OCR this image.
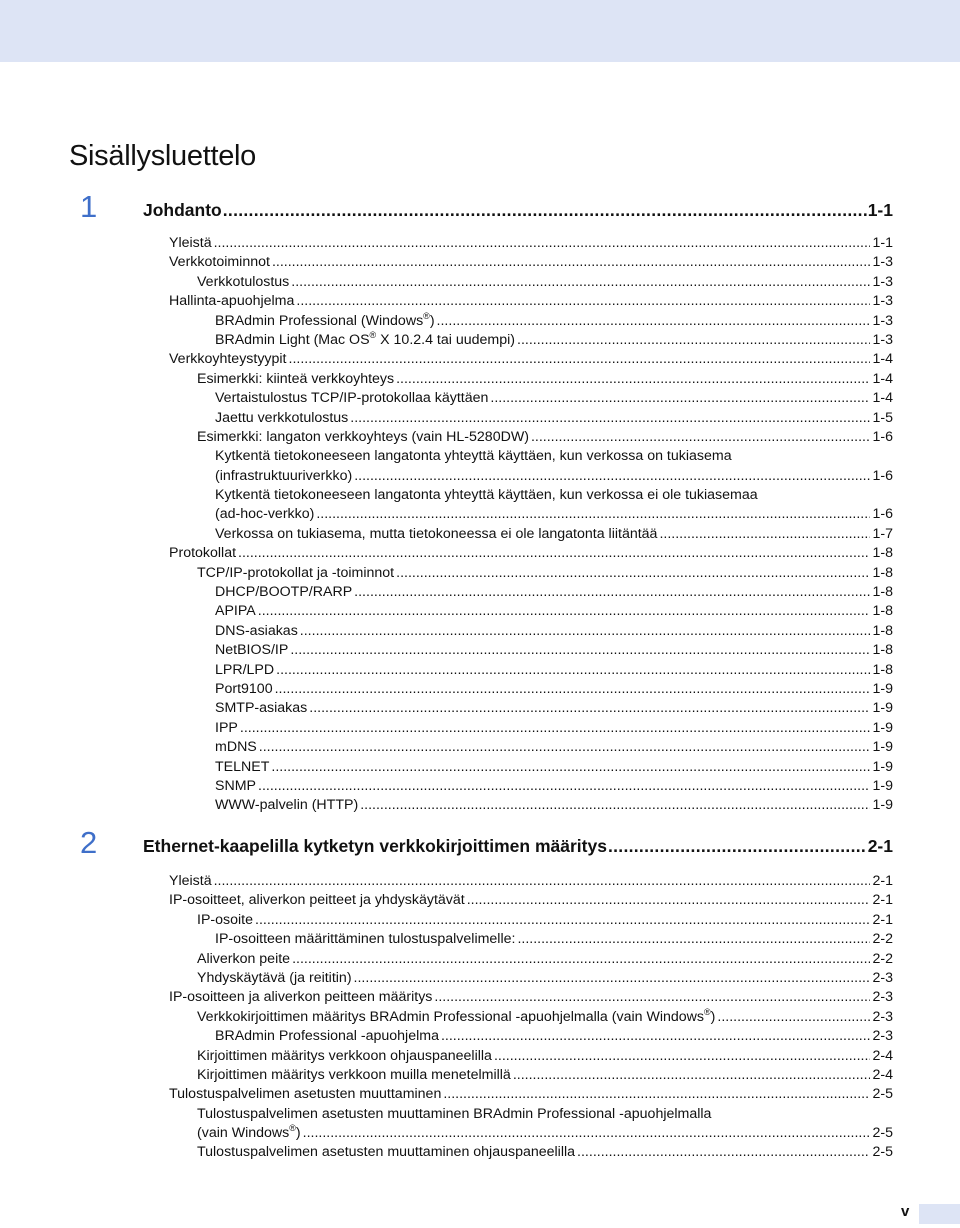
Sisällysluettelo
1	Johdanto .....	1-1
Yleistä .....	1-1
Verkkotoiminnot .....	1-3
Verkkotulostus .....	1-3
Hallinta-apuohjelma .....	1-3
BRAdmin Professional (Windows®) .....	1-3
BRAdmin Light (Mac OS® X 10.2.4 tai uudempi) .....	1-3
Verkkoyhteystyypit .....	1-4
Esimerkki: kiinteä verkkoyhteys .....	1-4
Vertaistulostus TCP/IP-protokollaa käyttäen .....	1-4
Jaettu verkkotulostus .....	1-5
Esimerkki: langaton verkkoyhteys (vain HL-5280DW) .....	1-6
Kytkentä tietokoneeseen langatonta yhteyttä käyttäen, kun verkossa on tukiasema
(infrastruktuuriverkko) .....	1-6
Kytkentä tietokoneeseen langatonta yhteyttä käyttäen, kun verkossa ei ole tukiasemaa
(ad-hoc-verkko) .....	1-6
Verkossa on tukiasema, mutta tietokoneessa ei ole langatonta liitäntää .....	1-7
Protokollat .....	1-8
TCP/IP-protokollat ja -toiminnot .....	1-8
DHCP/BOOTP/RARP .....	1-8
APIPA .....	1-8
DNS-asiakas .....	1-8
NetBIOS/IP .....	1-8
LPR/LPD .....	1-8
Port9100 .....	1-9
SMTP-asiakas .....	1-9
IPP .....	1-9
mDNS .....	1-9
TELNET .....	1-9
SNMP .....	1-9
WWW-palvelin (HTTP) .....	1-9
2	Ethernet-kaapelilla kytketyn verkkokirjoittimen määritys .....	2-1
Yleistä .....	2-1
IP-osoitteet, aliverkon peitteet ja yhdyskäytävät .....	2-1
IP-osoite .....	2-1
IP-osoitteen määrittäminen tulostuspalvelimelle: .....	2-2
Aliverkon peite .....	2-2
Yhdyskäytävä (ja reititin) .....	2-3
IP-osoitteen ja aliverkon peitteen määritys .....	2-3
Verkkokirjoittimen määritys BRAdmin Professional -apuohjelmalla (vain Windows®) .....	2-3
BRAdmin Professional -apuohjelma .....	2-3
Kirjoittimen määritys verkkoon ohjauspaneelilla .....	2-4
Kirjoittimen määritys verkkoon muilla menetelmillä .....	2-4
Tulostuspalvelimen asetusten muuttaminen .....	2-5
Tulostuspalvelimen asetusten muuttaminen BRAdmin Professional -apuohjelmalla
(vain Windows®) .....	2-5
Tulostuspalvelimen asetusten muuttaminen ohjauspaneelilla .....	2-5
v
